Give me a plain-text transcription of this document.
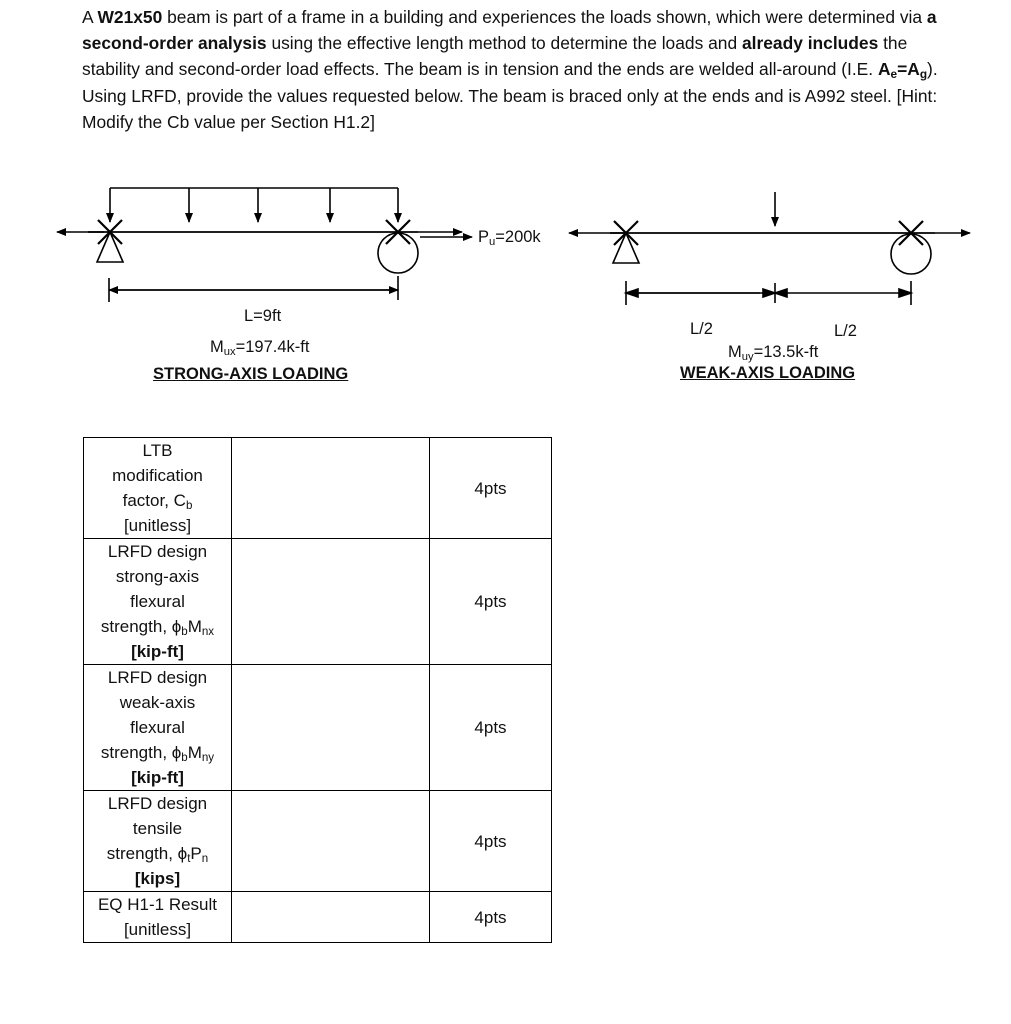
A W21x50 beam is part of a frame in a building and experiences the loads shown, which were determined via a second-order analysis using the effective length method to determine the loads and already includes the stability and second-order load effects. The beam is in tension and the ends are welded all-around (I.E. $A_e=A_g$). Using LRFD, provide the values requested below. The beam is braced only at the ends and is A992 steel. [Hint: Modify the Cb value per Section H1.2]
L=9ft
$M_{ux}=197.4k-ft$
STRONG-AXIS LOADING
$P_u=200k$
L/2	L/2
$M_{uy}=13.5k-ft$
WEAK-AXIS LOADING
LTB
modification
factor, $C_b$
[unitless]		4pts

LRFD design
strong-axis
flexural
strength, $\phi_bM_{nx}$
[kip-ft]		4pts

LRFD design
weak-axis
flexural
strength, $\phi_bM_{ny}$
[kip-ft]		4pts

LRFD design
tensile
strength, $\phi_tP_n$
[kips]		4pts

EQ H1-1 Result
[unitless]		4pts
